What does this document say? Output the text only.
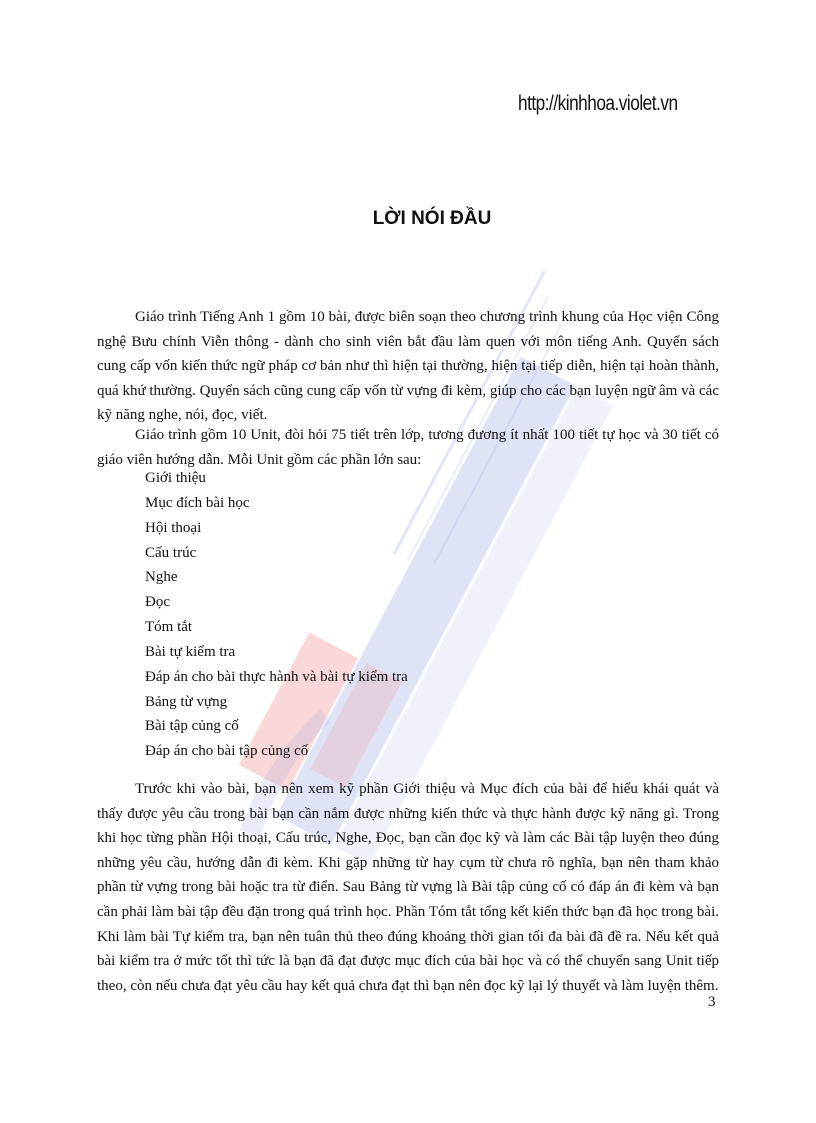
http://kinhhoa.violet.vn
LỜI NÓI ĐẦU

Giáo trình Tiếng Anh 1 gồm 10 bài, được biên soạn theo chương trình khung của Học viện Công nghệ Bưu chính Viễn thông - dành cho sinh viên bắt đầu làm quen với môn tiếng Anh. Quyển sách cung cấp vốn kiến thức ngữ pháp cơ bản như thì hiện tại thường, hiện tại tiếp diễn, hiện tại hoàn thành, quá khứ thường. Quyển sách cũng cung cấp vốn từ vựng đi kèm, giúp cho các bạn luyện ngữ âm và các kỹ năng nghe, nói, đọc, viết.

Giáo trình gồm 10 Unit, đòi hỏi 75 tiết trên lớp, tương đương ít nhất 100 tiết tự học và 30 tiết có giáo viên hướng dẫn. Mỗi Unit gồm các phần lớn sau:

Giới thiệu
Mục đích bài học
Hội thoại
Cấu trúc
Nghe
Đọc
Tóm tắt
Bài tự kiểm tra
Đáp án cho bài thực hành và bài tự kiểm tra
Bảng từ vựng
Bài tập củng cố
Đáp án cho bài tập củng cố

Trước khi vào bài, bạn nên xem kỹ phần Giới thiệu và Mục đích của bài để hiểu khái quát và thấy được yêu cầu trong bài bạn cần nắm được những kiến thức và thực hành được kỹ năng gì. Trong khi học từng phần Hội thoại, Cấu trúc, Nghe, Đọc, bạn cần đọc kỹ và làm các Bài tập luyện theo đúng những yêu cầu, hướng dẫn đi kèm. Khi gặp những từ hay cụm từ chưa rõ nghĩa, bạn nên tham khảo phần từ vựng trong bài hoặc tra từ điển. Sau Bảng từ vựng là Bài tập củng cố có đáp án đi kèm và bạn cần phải làm bài tập đều đặn trong quá trình học. Phần Tóm tắt tổng kết kiến thức bạn đã học trong bài. Khi làm bài Tự kiểm tra, bạn nên tuân thủ theo đúng khoảng thời gian tối đa bài đã đề ra. Nếu kết quả bài kiểm tra ở mức tốt thì tức là bạn đã đạt được mục đích của bài học và có thể chuyển sang Unit tiếp theo, còn nếu chưa đạt yêu cầu hay kết quả chưa đạt thì bạn nên đọc kỹ lại lý thuyết và làm luyện thêm.

3
